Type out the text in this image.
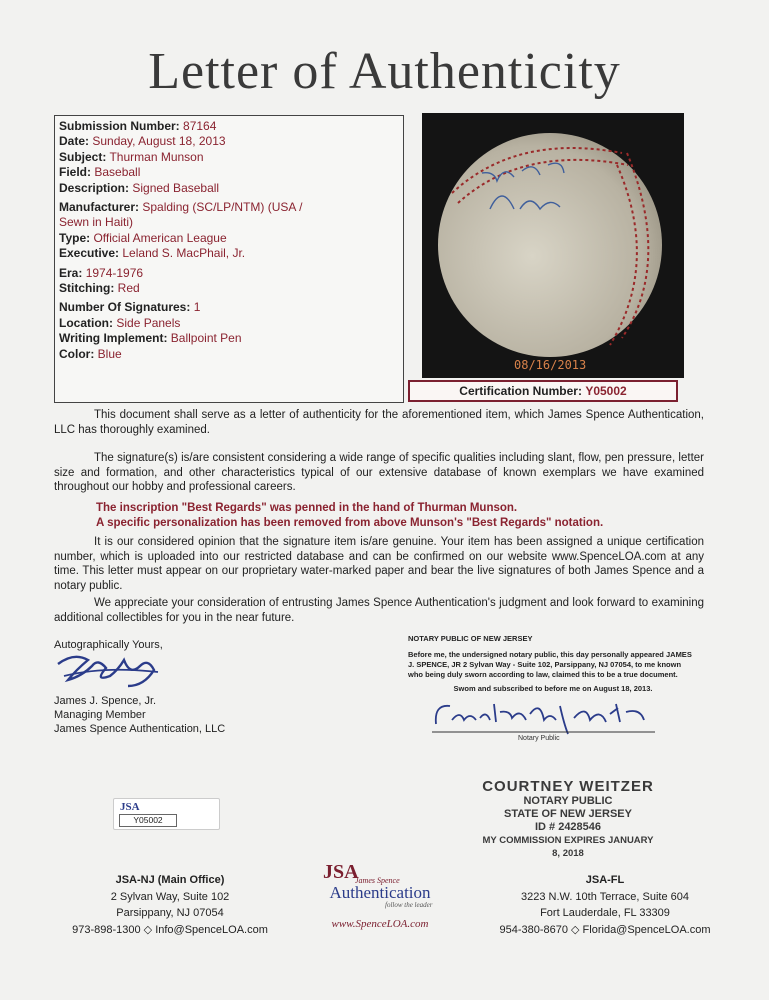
Letter of Authenticity
Submission Number: 87164
Date: Sunday, August 18, 2013
Subject: Thurman Munson
Field: Baseball
Description: Signed Baseball
Manufacturer: Spalding (SC/LP/NTM) (USA /
Sewn in Haiti)
Type: Official American League
Executive: Leland S. MacPhail, Jr.
Era: 1974-1976
Stitching: Red
Number Of Signatures: 1
Location: Side Panels
Writing Implement: Ballpoint Pen
Color: Blue
08/16/2013
Certification Number: Y05002
This document shall serve as a letter of authenticity for the aforementioned item, which James Spence Authentication, LLC has thoroughly examined.
The signature(s) is/are consistent considering a wide range of specific qualities including slant, flow, pen pressure, letter size and formation, and other characteristics typical of our extensive database of known exemplars we have examined throughout our hobby and professional careers.
The inscription "Best Regards" was penned in the hand of Thurman Munson.
A specific personalization has been removed from above Munson's "Best Regards" notation.
It is our considered opinion that the signature item is/are genuine. Your item has been assigned a unique certification number, which is uploaded into our restricted database and can be confirmed on our website www.SpenceLOA.com at any time. This letter must appear on our proprietary water-marked paper and bear the live signatures of both James Spence and a notary public.
We appreciate your consideration of entrusting James Spence Authentication's judgment and look forward to examining additional collectibles for you in the near future.
Autographically Yours,
James J. Spence, Jr.
Managing Member
James Spence Authentication, LLC
NOTARY PUBLIC OF NEW JERSEY
Before me, the undersigned notary public, this day personally appeared JAMES J. SPENCE, JR 2 Sylvan Way - Suite 102, Parsippany, NJ 07054, to me known who being duly sworn according to law, claimed this to be a true document.
Swom and subscribed to before me on August 18, 2013.
Notary Public
COURTNEY WEITZER
NOTARY PUBLIC
STATE OF NEW JERSEY
ID # 2428546
MY COMMISSION EXPIRES JANUARY 8, 2018
JSA
Y05002
JSA-NJ (Main Office)
2 Sylvan Way, Suite 102
Parsippany, NJ 07054
973-898-1300 ◇ Info@SpenceLOA.com
JSA
James Spence
Authentication
follow the leader
www.SpenceLOA.com
JSA-FL
3223 N.W. 10th Terrace, Suite 604
Fort Lauderdale, FL 33309
954-380-8670 ◇ Florida@SpenceLOA.com
